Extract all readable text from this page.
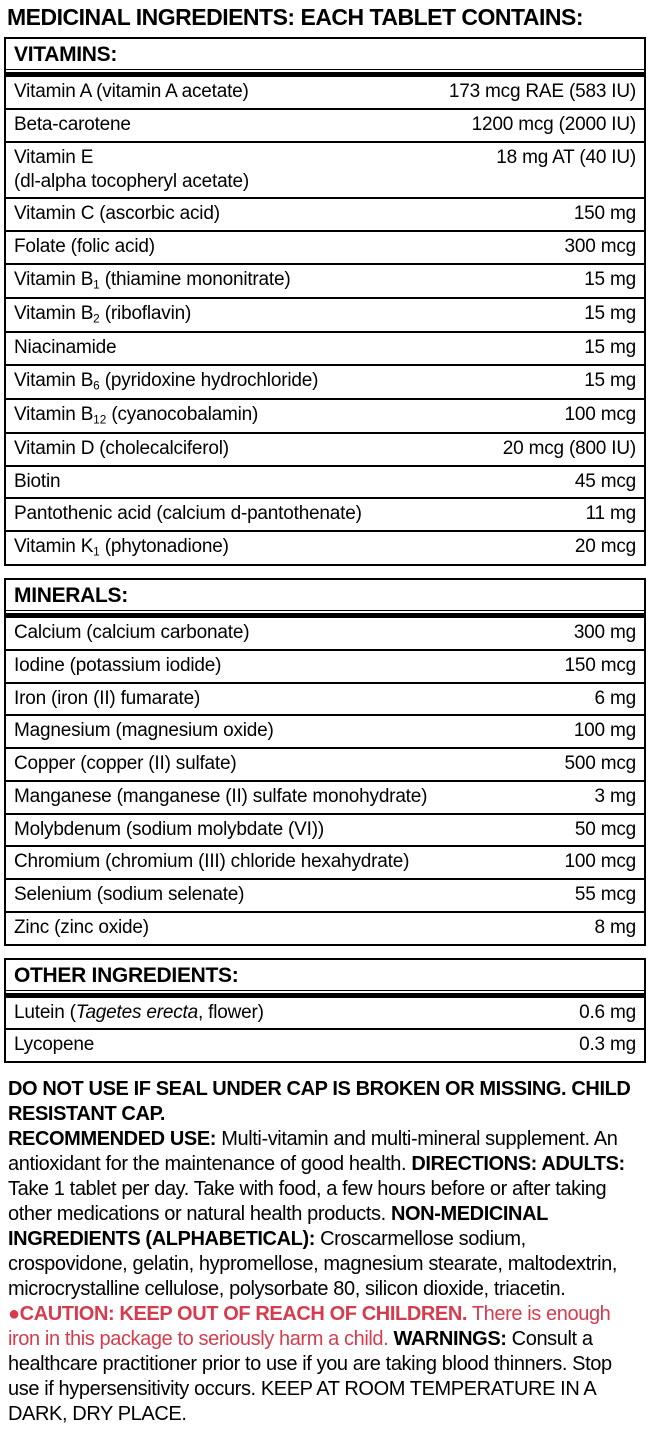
MEDICINAL INGREDIENTS: EACH TABLET CONTAINS:
VITAMINS:
Vitamin A (vitamin A acetate)	173 mcg RAE (583 IU)
Beta-carotene	1200 mcg (2000 IU)
Vitamin E
(dl-alpha tocopheryl acetate)
18 mg AT (40 IU)
Vitamin C (ascorbic acid)	150 mg
Folate (folic acid)	300 mcg
Vitamin $B_1$ (thiamine mononitrate)	15 mg
Vitamin $B_2$ (riboflavin)	15 mg
Niacinamide	15 mg
Vitamin $B_6$ (pyridoxine hydrochloride)	15 mg
Vitamin $B_{12}$ (cyanocobalamin)	100 mcg
Vitamin D (cholecalciferol)	20 mcg (800 IU)
Biotin	45 mcg
Pantothenic acid (calcium d-pantothenate)	11 mg
Vitamin $K_1$ (phytonadione)	20 mcg
MINERALS:
Calcium (calcium carbonate)	300 mg
Iodine (potassium iodide)	150 mcg
Iron (iron (II) fumarate)	6 mg
Magnesium (magnesium oxide)	100 mg
Copper (copper (II) sulfate)	500 mcg
Manganese (manganese (II) sulfate monohydrate)	3 mg
Molybdenum (sodium molybdate (VI))	50 mcg
Chromium (chromium (III) chloride hexahydrate)	100 mcg
Selenium (sodium selenate)	55 mcg
Zinc (zinc oxide)	8 mg
OTHER INGREDIENTS:
Lutein (Tagetes erecta, flower)	0.6 mg
Lycopene	0.3 mg

DO NOT USE IF SEAL UNDER CAP IS BROKEN OR MISSING. CHILD RESISTANT CAP.

RECOMMENDED USE: Multi-vitamin and multi-mineral supplement. An antioxidant for the maintenance of good health. DIRECTIONS: ADULTS: Take 1 tablet per day. Take with food, a few hours before or after taking other medications or natural health products. NON-MEDICINAL INGREDIENTS (ALPHABETICAL): Croscarmellose sodium, crospovidone, gelatin, hypromellose, magnesium stearate, maltodextrin, microcrystalline cellulose, polysorbate 80, silicon dioxide, triacetin. ●CAUTION: KEEP OUT OF REACH OF CHILDREN. There is enough iron in this package to seriously harm a child. WARNINGS: Consult a healthcare practitioner prior to use if you are taking blood thinners. Stop use if hypersensitivity occurs. KEEP AT ROOM TEMPERATURE IN A DARK, DRY PLACE.
